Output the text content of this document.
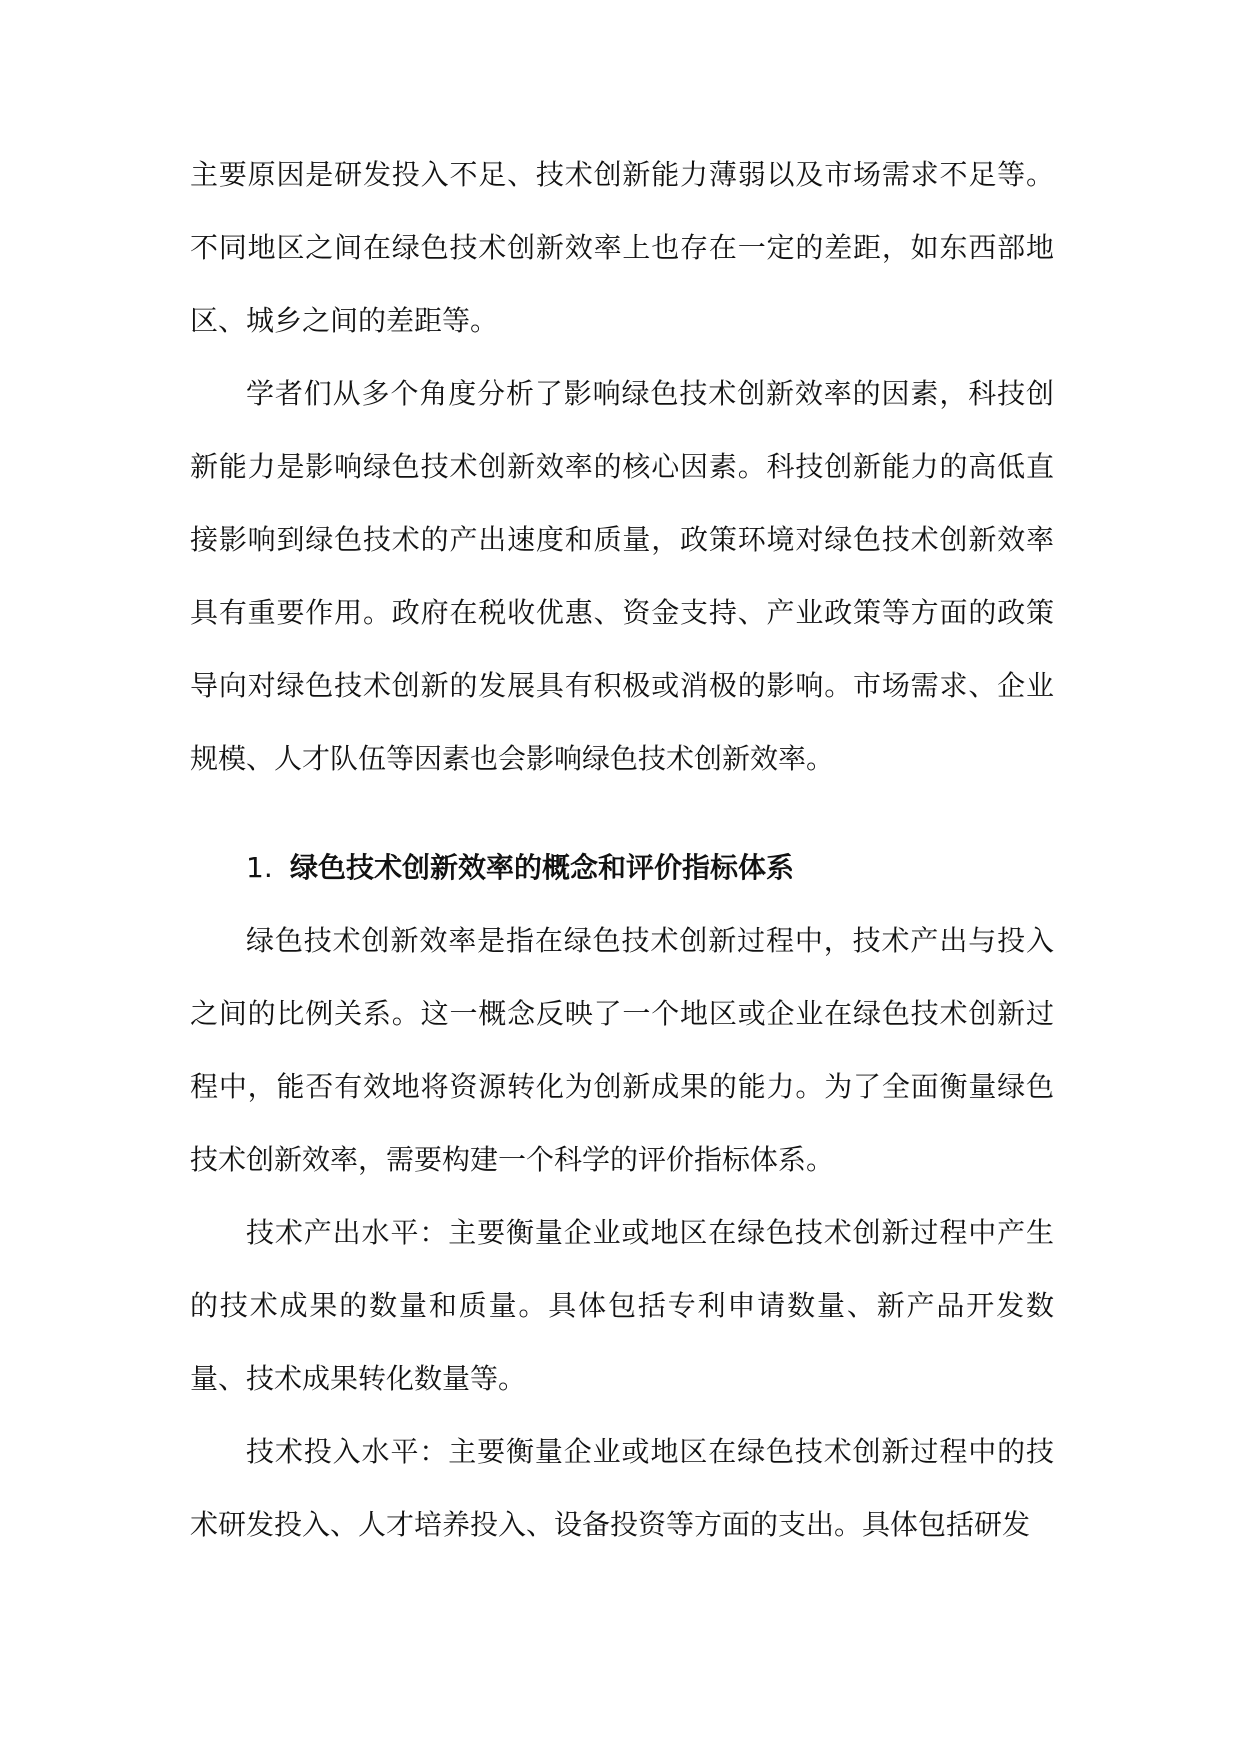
主要原因是研发投入不足、技术创新能力薄弱以及市场需求不足等。不同地区之间在绿色技术创新效率上也存在一定的差距，如东西部地区、城乡之间的差距等。

学者们从多个角度分析了影响绿色技术创新效率的因素，科技创新能力是影响绿色技术创新效率的核心因素。科技创新能力的高低直接影响到绿色技术的产出速度和质量，政策环境对绿色技术创新效率具有重要作用。政府在税收优惠、资金支持、产业政策等方面的政策导向对绿色技术创新的发展具有积极或消极的影响。市场需求、企业规模、人才队伍等因素也会影响绿色技术创新效率。

1. 绿色技术创新效率的概念和评价指标体系

绿色技术创新效率是指在绿色技术创新过程中，技术产出与投入之间的比例关系。这一概念反映了一个地区或企业在绿色技术创新过程中，能否有效地将资源转化为创新成果的能力。为了全面衡量绿色技术创新效率，需要构建一个科学的评价指标体系。

技术产出水平：主要衡量企业或地区在绿色技术创新过程中产生的技术成果的数量和质量。具体包括专利申请数量、新产品开发数量、技术成果转化数量等。

技术投入水平：主要衡量企业或地区在绿色技术创新过程中的技术研发投入、人才培养投入、设备投资等方面的支出。具体包括研发
